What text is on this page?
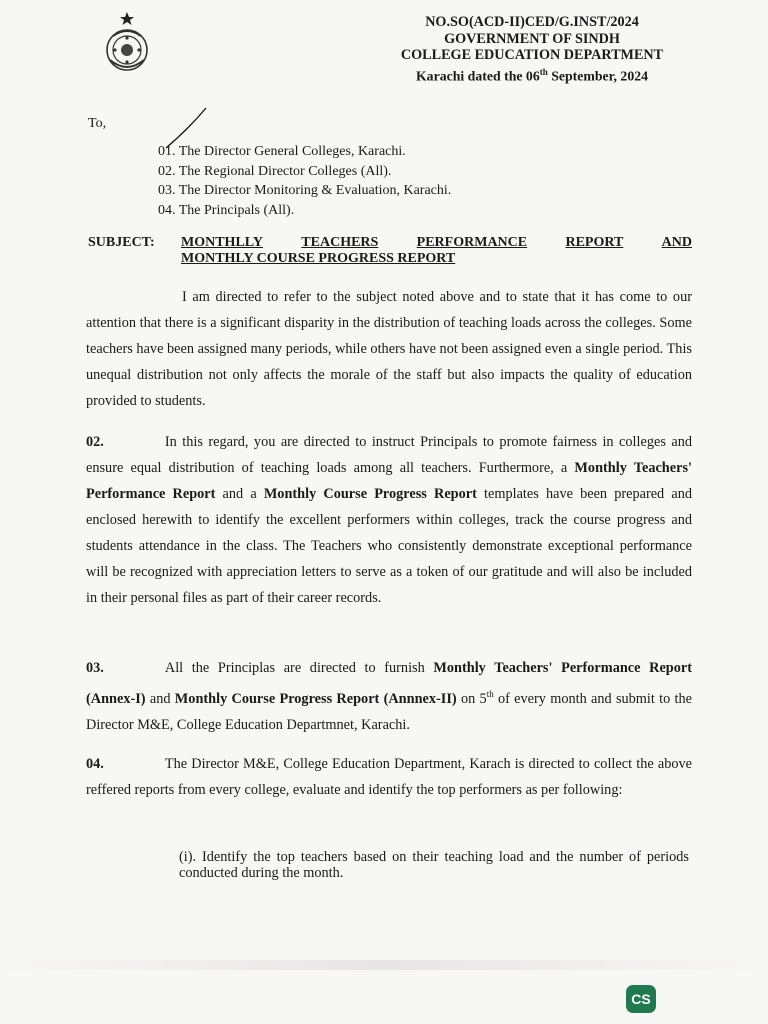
NO.SO(ACD-II)CED/G.INST/2024
GOVERNMENT OF SINDH
COLLEGE EDUCATION DEPARTMENT
Karachi dated the 06th September, 2024
To,
01. The Director General Colleges, Karachi.
02. The Regional Director Colleges (All).
03. The Director Monitoring & Evaluation, Karachi.
04. The Principals (All).
SUBJECT: MONTHLLY	TEACHERS	PERFORMANCE	REPORT	AND
MONTHLY COURSE PROGRESS REPORT
I am directed to refer to the subject noted above and to state that it has come to our attention that there is a significant disparity in the distribution of teaching loads across the colleges. Some teachers have been assigned many periods, while others have not been assigned even a single period. This unequal distribution not only affects the morale of the staff but also impacts the quality of education provided to students.
02.	In this regard, you are directed to instruct Principals to promote fairness in colleges and ensure equal distribution of teaching loads among all teachers. Furthermore, a Monthly Teachers' Performance Report and a Monthly Course Progress Report templates have been prepared and enclosed herewith to identify the excellent performers within colleges, track the course progress and students attendance in the class. The Teachers who consistently demonstrate exceptional performance will be recognized with appreciation letters to serve as a token of our gratitude and will also be included in their personal files as part of their career records.
03.	All the Principlas are directed to furnish Monthly Teachers' Performance Report (Annex-I) and Monthly Course Progress Report (Annnex-II) on 5th of every month and submit to the Director M&E, College Education Departmnet, Karachi.
04.	The Director M&E, College Education Department, Karach is directed to collect the above reffered reports from every college, evaluate and identify the top performers as per following:
(i). Identify the top teachers based on their teaching load and the number of periods conducted during the month.
CS
